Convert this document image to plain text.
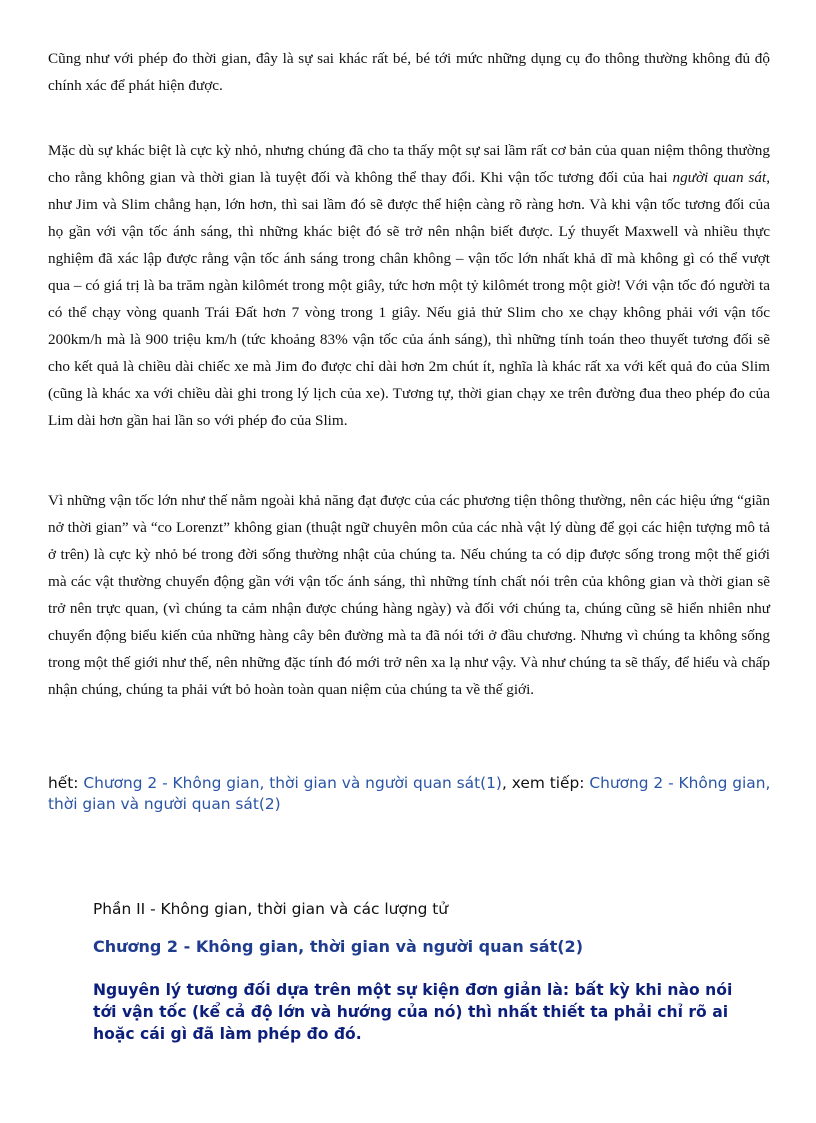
Cũng như với phép đo thời gian, đây là sự sai khác rất bé, bé tới mức những dụng cụ đo thông thường không đủ độ chính xác để phát hiện được.

Mặc dù sự khác biệt là cực kỳ nhỏ, nhưng chúng đã cho ta thấy một sự sai lầm rất cơ bản của quan niệm thông thường cho rằng không gian và thời gian là tuyệt đối và không thể thay đổi. Khi vận tốc tương đối của hai người quan sát, như Jim và Slim chẳng hạn, lớn hơn, thì sai lầm đó sẽ được thể hiện càng rõ ràng hơn. Và khi vận tốc tương đối của họ gần với vận tốc ánh sáng, thì những khác biệt đó sẽ trở nên nhận biết được. Lý thuyết Maxwell và nhiều thực nghiệm đã xác lập được rằng vận tốc ánh sáng trong chân không – vận tốc lớn nhất khả dĩ mà không gì có thể vượt qua – có giá trị là ba trăm ngàn kilômét trong một giây, tức hơn một tỷ kilômét trong một giờ! Với vận tốc đó người ta có thể chạy vòng quanh Trái Đất hơn 7 vòng trong 1 giây. Nếu giả thử Slim cho xe chạy không phải với vận tốc 200km/h mà là 900 triệu km/h (tức khoảng 83% vận tốc của ánh sáng), thì những tính toán theo thuyết tương đối sẽ cho kết quả là chiều dài chiếc xe mà Jim đo được chỉ dài hơn 2m chút ít, nghĩa là khác rất xa với kết quả đo của Slim (cũng là khác xa với chiều dài ghi trong lý lịch của xe). Tương tự, thời gian chạy xe trên đường đua theo phép đo của Lim dài hơn gần hai lần so với phép đo của Slim.

Vì những vận tốc lớn như thế nằm ngoài khả năng đạt được của các phương tiện thông thường, nên các hiệu ứng “giãn nở thời gian” và “co Lorenzt” không gian (thuật ngữ chuyên môn của các nhà vật lý dùng để gọi các hiện tượng mô tả ở trên) là cực kỳ nhỏ bé trong đời sống thường nhật của chúng ta. Nếu chúng ta có dịp được sống trong một thế giới mà các vật thường chuyển động gần với vận tốc ánh sáng, thì những tính chất nói trên của không gian và thời gian sẽ trở nên trực quan, (vì chúng ta cảm nhận được chúng hàng ngày) và đối với chúng ta, chúng cũng sẽ hiển nhiên như chuyển động biểu kiến của những hàng cây bên đường mà ta đã nói tới ở đầu chương. Nhưng vì chúng ta không sống trong một thế giới như thế, nên những đặc tính đó mới trở nên xa lạ như vậy. Và như chúng ta sẽ thấy, để hiểu và chấp nhận chúng, chúng ta phải vứt bỏ hoàn toàn quan niệm của chúng ta về thế giới.

hết: Chương 2 - Không gian, thời gian và người quan sát(1), xem tiếp: Chương 2 - Không gian, thời gian và người quan sát(2)

Phần II - Không gian, thời gian và các lượng tử

Chương 2 - Không gian, thời gian và người quan sát(2)

Nguyên lý tương đối dựa trên một sự kiện đơn giản là: bất kỳ khi nào nói tới vận tốc (kể cả độ lớn và hướng của nó) thì nhất thiết ta phải chỉ rõ ai hoặc cái gì đã làm phép đo đó.
